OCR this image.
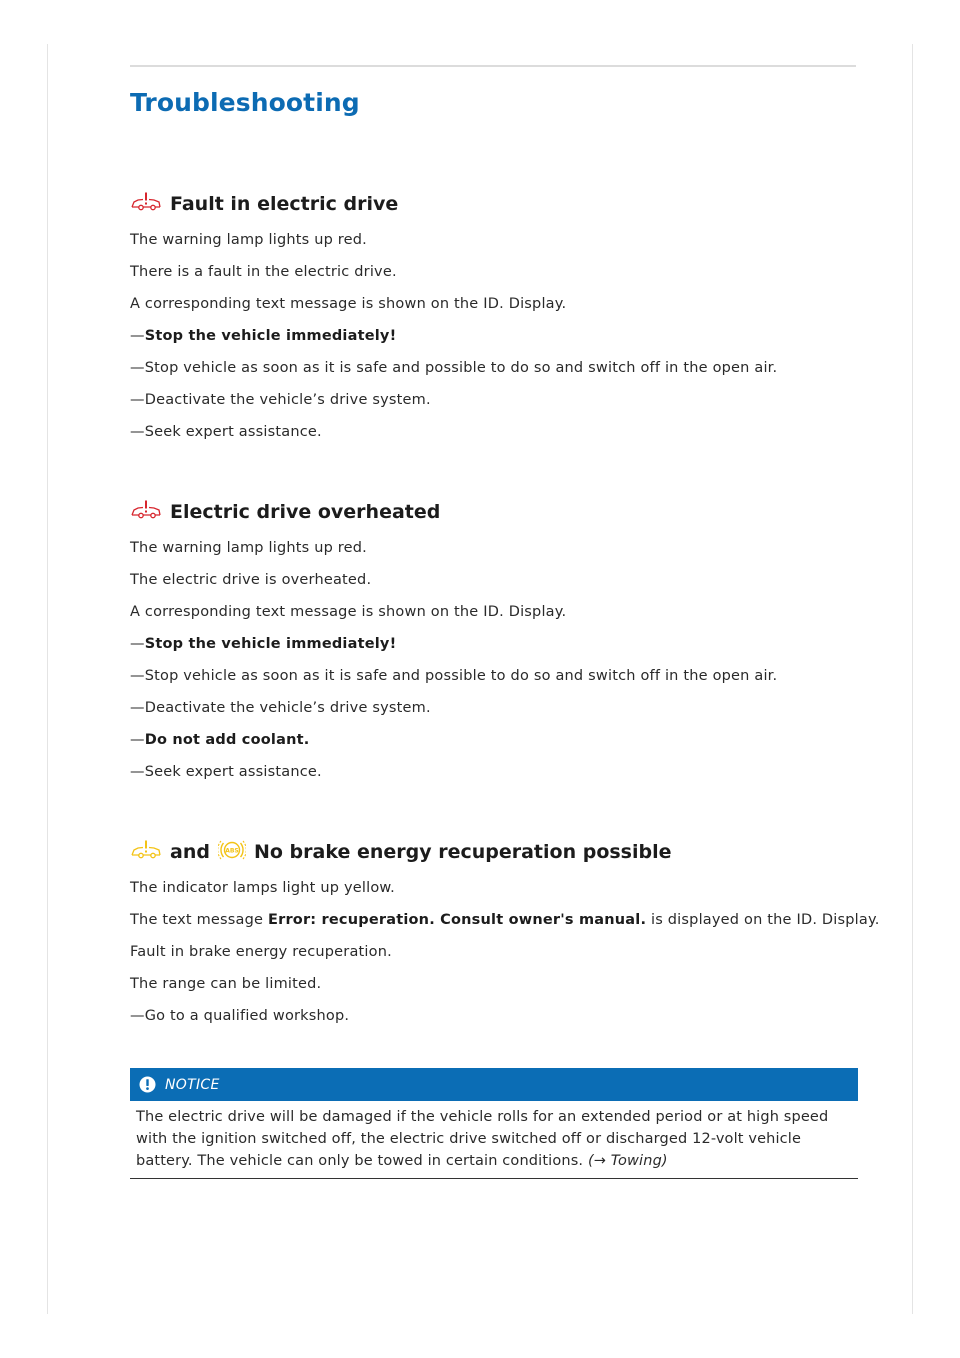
Troubleshooting
Fault in electric drive

The warning lamp lights up red.

There is a fault in the electric drive.

A corresponding text message is shown on the ID. Display.

—Stop the vehicle immediately!

—Stop vehicle as soon as it is safe and possible to do so and switch off in the open air.

—Deactivate the vehicle’s drive system.

—Seek expert assistance.

Electric drive overheated

The warning lamp lights up red.

The electric drive is overheated.

A corresponding text message is shown on the ID. Display.

—Stop the vehicle immediately!

—Stop vehicle as soon as it is safe and possible to do so and switch off in the open air.

—Deactivate the vehicle’s drive system.

—Do not add coolant.

—Seek expert assistance.

and	ABS No brake energy recuperation possible

The indicator lamps light up yellow.

The text message Error: recuperation. Consult owner's manual. is displayed on the ID. Display.

Fault in brake energy recuperation.

The range can be limited.

—Go to a qualified workshop.

NOTICE
The electric drive will be damaged if the vehicle rolls for an extended period or at high speed with the ignition switched off, the electric drive switched off or discharged 12-volt vehicle battery. The vehicle can only be towed in certain conditions. (→ Towing)
